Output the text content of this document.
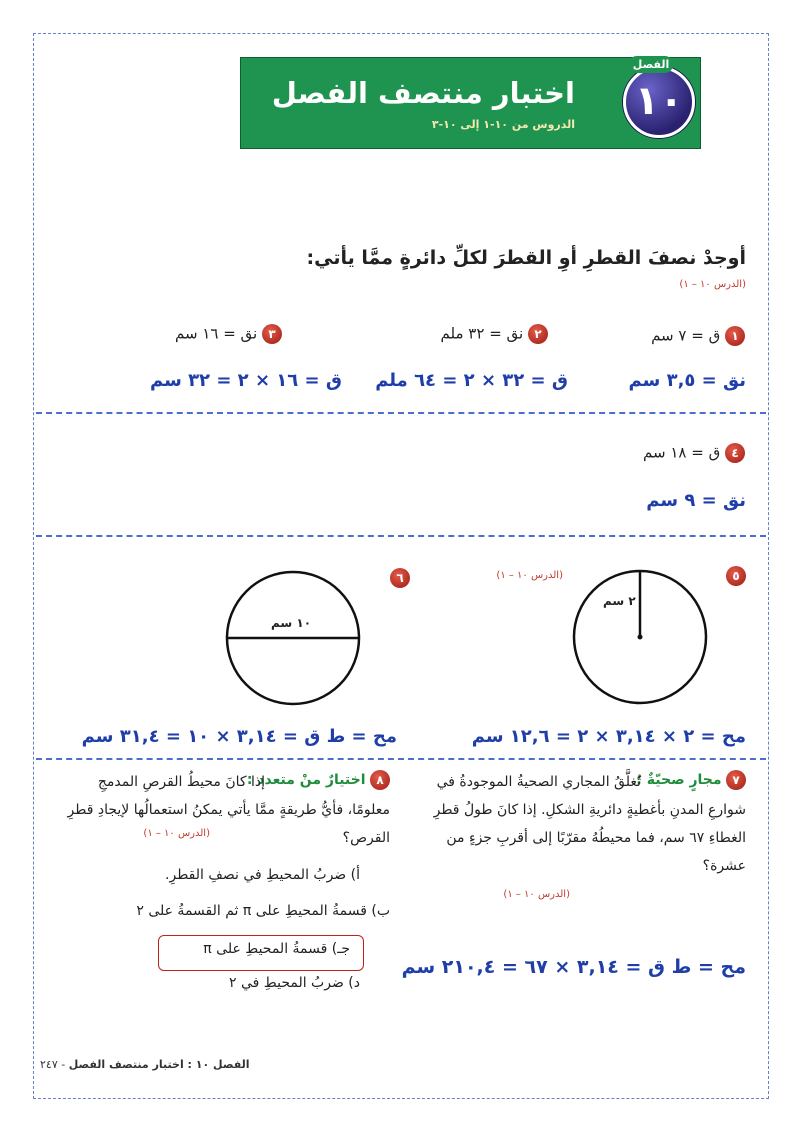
اختبار منتصف الفصل
الدروس من ١٠-١ إلى ١٠-٣
١٠
الفصل
أوجدْ نصفَ القطرِ أوِ القطرَ لكلِّ دائرةٍ ممَّا يأتي:
(الدرس ١٠ – ١)
١ ق = ٧ سم
٢ نق = ٣٢ ملم
٣ نق = ١٦ سم
نق = ٣,٥ سم
ق = ٣٢ × ٢ = ٦٤ ملم
ق = ١٦ × ٢ = ٣٢ سم
٤ ق = ١٨ سم
نق = ٩ سم
٥
(الدرس ١٠ – ١)
٢ سم
٦
١٠ سم
مح = ٢ × ٣,١٤ × ٢ = ١٢,٦ سم
مح = ط ق = ٣,١٤ × ١٠ = ٣١,٤ سم
٧ مجارٍ صحيّةٌ :
تُغلَّقُ المجاري الصحيةُ الموجودةُ في شوارعِ المدنِ بأغطيةٍ دائريةِ الشكلِ. إذا كانَ طولُ قطرِ الغطاءِ ٦٧ سم، فما محيطُهُ مقرّبًا إلى أقربِ جزءٍ من عشرة؟
(الدرس ١٠ – ١)
مح = ط ق = ٣,١٤ × ٦٧ = ٢١٠,٤ سم
٨ اختيارٌ منْ متعدد :
إذا كانَ محيطُ القرصِ المدمجِ معلومًا، فأيُّ طريقةٍ ممَّا يأتي يمكنُ استعمالُها لإيجادِ قطرِ القرص؟
(الدرس ١٠ – ١)
أ) ضربُ المحيطِ في نصفِ القطرِ.
ب) قسمةُ المحيطِ على π ثم القسمةُ على ٢
جـ) قسمةُ المحيطِ على π
د) ضربُ المحيطِ في ٢
الفصل ١٠ : اختبار منتصف الفصل - ٢٤٧
